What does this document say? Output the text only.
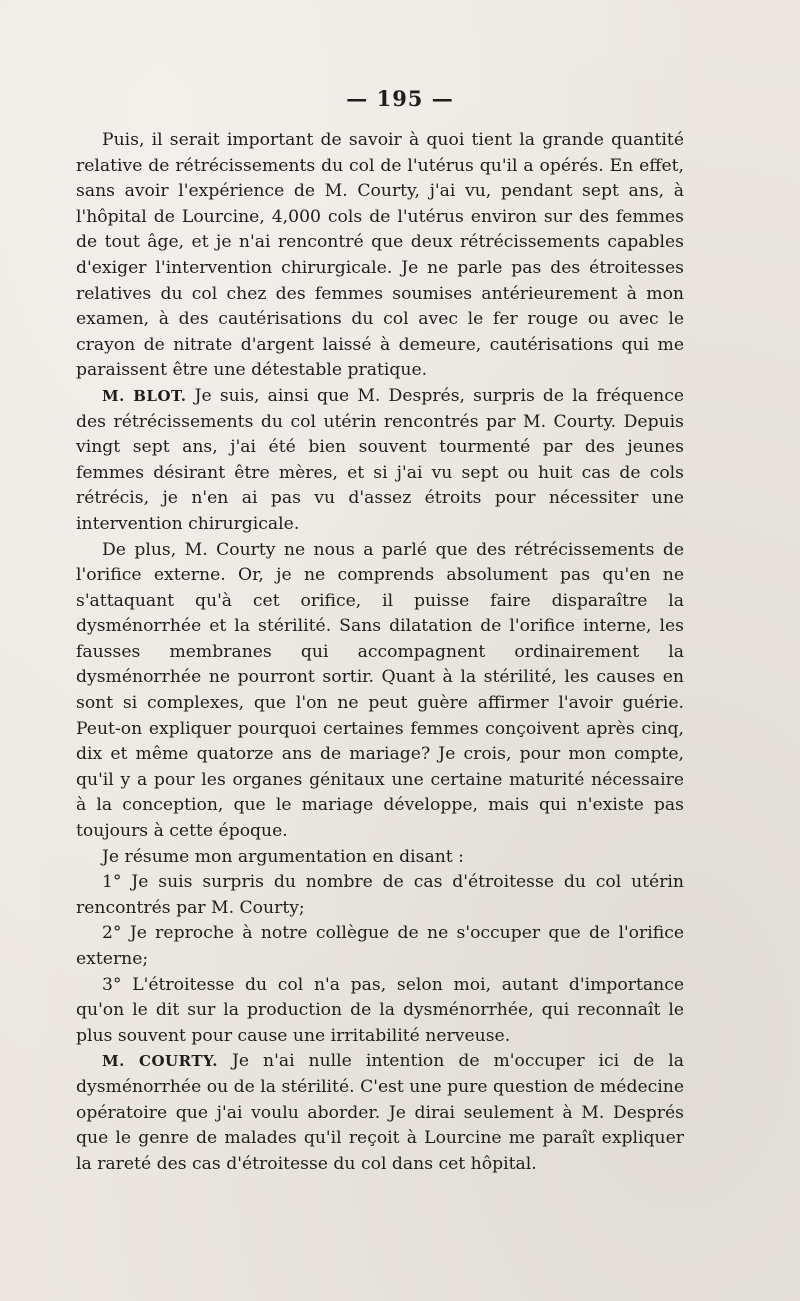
— 195 —

Puis, il serait important de savoir à quoi tient la grande quantité relative de rétrécissements du col de l'utérus qu'il a opérés. En effet, sans avoir l'expérience de M. Courty, j'ai vu, pendant sept ans, à l'hôpital de Lourcine, 4,000 cols de l'utérus environ sur des femmes de tout âge, et je n'ai rencontré que deux rétrécissements capables d'exiger l'intervention chirurgicale. Je ne parle pas des étroitesses relatives du col chez des femmes soumises antérieurement à mon examen, à des cautérisations du col avec le fer rouge ou avec le crayon de nitrate d'argent laissé à demeure, cautérisations qui me paraissent être une détestable pratique.

M. BLOT. Je suis, ainsi que M. Després, surpris de la fréquence des rétrécissements du col utérin rencontrés par M. Courty. Depuis vingt sept ans, j'ai été bien souvent tourmenté par des jeunes femmes désirant être mères, et si j'ai vu sept ou huit cas de cols rétrécis, je n'en ai pas vu d'assez étroits pour nécessiter une intervention chirurgicale.

De plus, M. Courty ne nous a parlé que des rétrécissements de l'orifice externe. Or, je ne comprends absolument pas qu'en ne s'attaquant qu'à cet orifice, il puisse faire disparaître la dysménorrhée et la stérilité. Sans dilatation de l'orifice interne, les fausses membranes qui accompagnent ordinairement la dysménorrhée ne pourront sortir. Quant à la stérilité, les causes en sont si complexes, que l'on ne peut guère affirmer l'avoir guérie. Peut-on expliquer pourquoi certaines femmes conçoivent après cinq, dix et même quatorze ans de mariage? Je crois, pour mon compte, qu'il y a pour les organes génitaux une certaine maturité nécessaire à la conception, que le mariage développe, mais qui n'existe pas toujours à cette époque.

Je résume mon argumentation en disant :

1° Je suis surpris du nombre de cas d'étroitesse du col utérin rencontrés par M. Courty;

2° Je reproche à notre collègue de ne s'occuper que de l'orifice externe;

3° L'étroitesse du col n'a pas, selon moi, autant d'importance qu'on le dit sur la production de la dysménorrhée, qui reconnaît le plus souvent pour cause une irritabilité nerveuse.

M. COURTY. Je n'ai nulle intention de m'occuper ici de la dysménorrhée ou de la stérilité. C'est une pure question de médecine opératoire que j'ai voulu aborder. Je dirai seulement à M. Després que le genre de malades qu'il reçoit à Lourcine me paraît expliquer la rareté des cas d'étroitesse du col dans cet hôpital.
